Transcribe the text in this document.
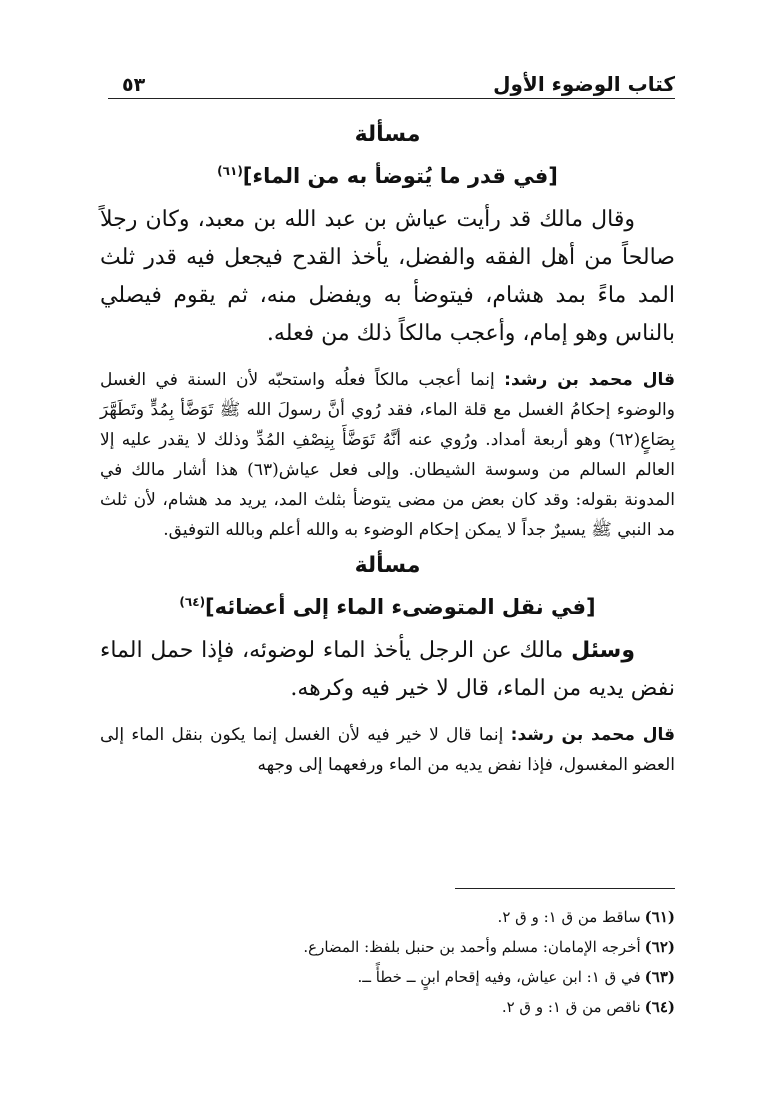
كتاب الوضوء الأول
٥٣
مسألة
[في قدر ما يُتوضأ به من الماء]$^{(٦١)}$

وقال مالك قد رأيت عياش بن عبد الله بن معبد، وكان رجلاً صالحاً من أهل الفقه والفضل، يأخذ القدح فيجعل فيه قدر ثلث المد ماءً بمد هشام، فيتوضأ به ويفضل منه، ثم يقوم فيصلي بالناس وهو إمام، وأعجب مالكاً ذلك من فعله.

قال محمد بن رشد: إنما أعجب مالكاً فعلُه واستحبّه لأن السنة في الغسل والوضوء إحكامُ الغسل مع قلة الماء، فقد رُوي أنَّ رسولَ الله ﷺ تَوَضَّأ بِمُدٍّ وتَطَهَّرَ بِصَاعٍ(٦٢) وهو أربعة أمداد. ورُوي عنه أنَّهُ تَوَضَّأَ بِنِصْفِ المُدِّ وذلك لا يقدر عليه إلا العالم السالم من وسوسة الشيطان. وإلى فعل عياش(٦٣) هذا أشار مالك في المدونة بقوله: وقد كان بعض من مضى يتوضأ بثلث المد، يريد مد هشام، لأن ثلث مد النبي ﷺ يسيرٌ جداً لا يمكن إحكام الوضوء به والله أعلم وبالله التوفيق.

مسألة
[في نقل المتوضىء الماء إلى أعضائه]$^{(٦٤)}$

وسئل مالك عن الرجل يأخذ الماء لوضوئه، فإذا حمل الماء نفض يديه من الماء، قال لا خير فيه وكرهه.

قال محمد بن رشد: إنما قال لا خير فيه لأن الغسل إنما يكون بنقل الماء إلى العضو المغسول، فإذا نفض يديه من الماء ورفعهما إلى وجهه

(٦١)ساقط من ق ١: و ق ٢.
(٦٢)أخرجه الإمامان: مسلم وأحمد بن حنبل بلفظ: المضارع.
(٦٣)في ق ١: ابن عياش، وفيه إقحام ابنٍ ــ خطأً ــ.
(٦٤)ناقص من ق ١: و ق ٢.
